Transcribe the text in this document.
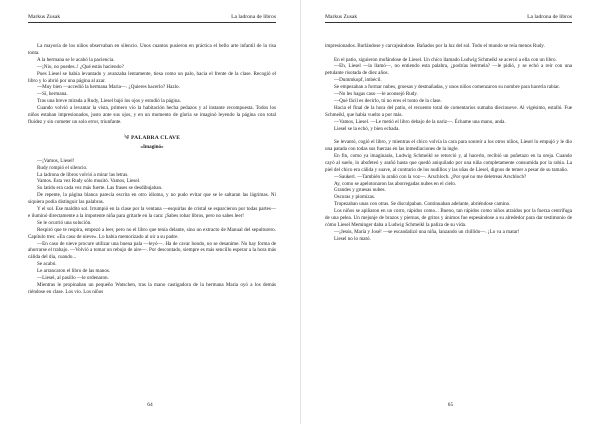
Markus Zusak	La ladrona de libros

La mayoría de los niños observaban en silencio. Unos cuantos pusieron en práctica el bello arte infantil de la risa tonta.

A la hermana se le acabó la paciencia.

—¡Nio, no puedes..! ¿Qué estás haciendo?

Pues Liesel se había levantado y avanzaba lentamente, tiesa como un palo, hacia el frente de la clase. Recogió el libro y lo abrió por una página al azar.

—Muy bien —accedió la hermana Maria—. ¿Quieres hacerlo? Hazlo.

—Sí, hermana.

Tras una breve mirada a Rudy, Liesel bajó los ojos y estudió la página.

Cuando volvió a levantar la vista, primero vio la habitación hecha pedazos y al instante recompuesta. Todos los niños estaban impresionados, justo ante sus ojos, y en un momento de gloria se imaginó leyendo la página con total fluidez y sin cometer un solo error, triunfante.

༄ PALABRA CLAVE
«Imaginó»

—¡Vamos, Liesel!

Rudy rompió el silencio.

La ladrona de libros volvió a mirar las letras.

Vamos. Esta vez Rudy sólo musitó. Vamos, Liesel.

Su latido era cada vez más fuerte. Las frases se desdibujaban.

De repente, la página blanca parecía escrita en otro idioma, y no pudo evitar que se le saltaran las lágrimas. Ni siquiera podía distinguir las palabras.

Y el sol. Ese maldito sol. Irrumpió en la clase por la ventana —esquirlas de cristal se esparcieron por todas partes— e iluminó directamente a la impotente niña para gritarle en la cara: ¡Sabes robar libros, pero no sabes leer!

Se le ocurrió una solución.

Respiró que te respira, empezó a leer, pero no el libro que tenía delante, sino un extracto de Manual del sepulturero. Capítulo tres: «En caso de nieve». Lo había memorizado al oír a su padre.

—En caso de nieve procure utilizar una buena pala —leyó—. Ha de cavar hondo, no se desanime. No hay forma de ahorrarse el trabajo. —Volvió a tomar un rebujo de aire—. Por descontado, siempre es más sencillo esperar a la hora más cálida del día, cuando...

Se acabó.

Le arrancaron el libro de las manos.

—Liesel, al pasillo —le ordenaron.

Mientras le propinaban un pequeño Watschen, tras la mano castigadora de la hermana Maria oyó a los demás riéndose en clase. Los vio. Los niños

64
Markus Zusak	La ladrona de libros

impresionados. Burlándose y carcajeándose. Bañados por la luz del sol. Todo el mundo se reía menos Rudy.

En el patio, siguieron mofándose de Liesel. Un chico llamado Ludwig Schmeikl se acercó a ella con un libro.

—Eh, Liesel —la llamó—, no entiendo esta palabra, ¿podrías leérmela? —le pidió, y se echó a reír con una petulante risotada de diez años.

—Dummkopf, imbécil.

Se empezaban a formar nubes, gruesas y desmañadas, y unos niños comenzaron su nombre para hacerla rabiar.

—No les hagas caso —le aconsejó Rudy.

—Qué fácil es decirlo, tú no eres el tonto de la clase.

Hacia el final de la hora del patio, el recuento total de comentarios sumaba diecinueve. Al vigésimo, estalló. Fue Schmeikl, que había vuelto a por más.

—Vamos, Liesel. —Le metió el libro debajo de la nariz—. Échame una mano, anda.

Liesel se la echó, y bien echada.

Se levantó, cogió el libro, y mientras el chico volvía la cara para sonreír a los otros niños, Liesel lo empujó y le dio una patada con todas sus fuerzas en las inmediaciones de la ingle.

En fin, como ya imaginarás, Ludwig Schmeikl se retorció y, al hacerlo, recibió un puñetazo en la oreja. Cuando cayó al suelo, lo abofeteó y arañó hasta que quedó aniquilado por una niña completamente consumida por la rabia. La piel del chico era cálida y suave, al contrario de los nudillos y las uñas de Liesel, dignos de temer a pesar de su tamaño.

—Saukerl. —También lo arañó con la voz—. Arschloch. ¿Por qué no me deletreas Arschloch?

Ay, como se apelotonaron las aborregadas nubes en el cielo.

Grandes y gruesas nubes.

Oscuras y plomizas.

Tropezaban unas con otras. Se disculpaban. Continuaban adelante, abriéndose camino.

Los niños se apiñaron en un corro, rápidos como... Bueno, tan rápidos como niños atraídos por la fuerza centrífuga de una pelea. Un mejunje de brazos y piernas, de gritos y ánimos fue espesándose a su alrededor para dar testimonio de cómo Liesel Meminger daba a Ludwig Schmeikl la paliza de su vida.

—¡Jesús, María y José! —se escandalizó una niña, lanzando un chillido—. ¡Lo va a matar!

Liesel no lo mató.

65
